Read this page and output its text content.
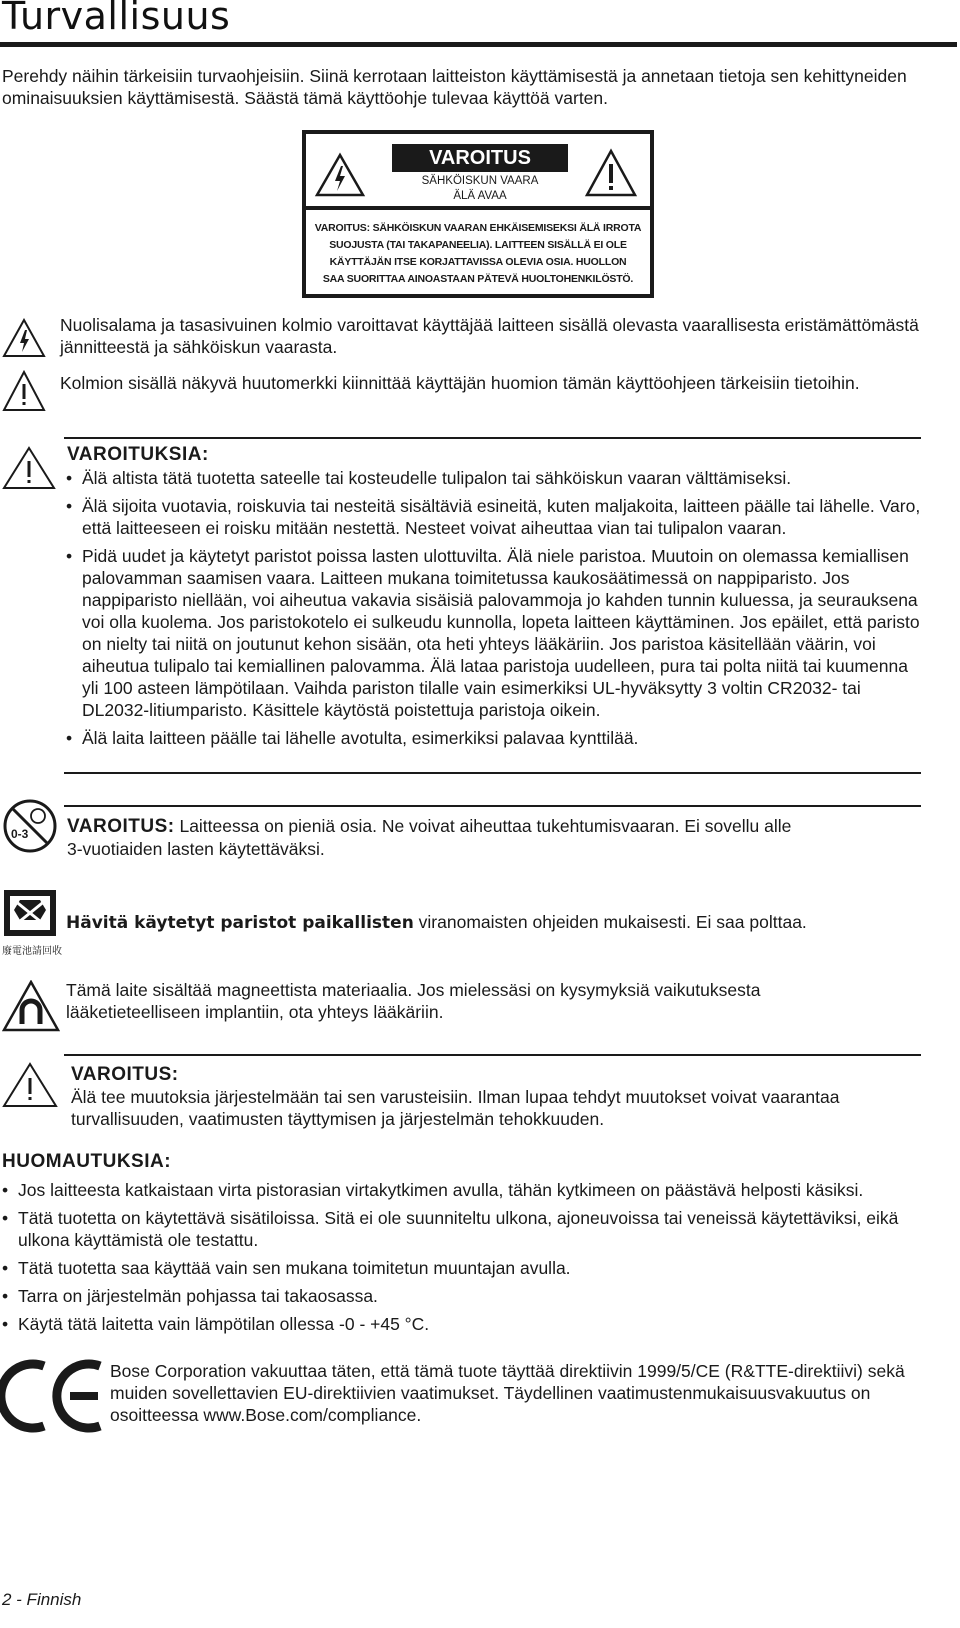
Turvallisuus
Perehdy näihin tärkeisiin turvaohjeisiin. Siinä kerrotaan laitteiston käyttämisestä ja annetaan tietoja sen kehittyneiden ominaisuuksien käyttämisestä. Säästä tämä käyttöohje tulevaa käyttöä varten.
VAROITUS
SÄHKÖISKUN VAARA
ÄLÄ AVAA
VAROITUS: SÄHKÖISKUN VAARAN EHKÄISEMISEKSI ÄLÄ IRROTA
SUOJUSTA (TAI TAKAPANEELIA). LAITTEEN SISÄLLÄ EI OLE
KÄYTTÄJÄN ITSE KORJATTAVISSA OLEVIA OSIA. HUOLLON
SAA SUORITTAA AINOASTAAN PÄTEVÄ HUOLTOHENKILÖSTÖ.
Nuolisalama ja tasasivuinen kolmio varoittavat käyttäjää laitteen sisällä olevasta vaarallisesta eristämättömästä jännitteestä ja sähköiskun vaarasta.
Kolmion sisällä näkyvä huutomerkki kiinnittää käyttäjän huomion tämän käyttöohjeen tärkeisiin tietoihin.
VAROITUKSIA:
• Älä altista tätä tuotetta sateelle tai kosteudelle tulipalon tai sähköiskun vaaran välttämiseksi.
• Älä sijoita vuotavia, roiskuvia tai nesteitä sisältäviä esineitä, kuten maljakoita, laitteen päälle tai lähelle. Varo, että laitteeseen ei roisku mitään nestettä. Nesteet voivat aiheuttaa vian tai tulipalon vaaran.
• Pidä uudet ja käytetyt paristot poissa lasten ulottuvilta. Älä niele paristoa. Muutoin on olemassa kemiallisen palovamman saamisen vaara. Laitteen mukana toimitetussa kaukosäätimessä on nappiparisto. Jos nappiparisto niellään, voi aiheutua vakavia sisäisiä palovammoja jo kahden tunnin kuluessa, ja seurauksena voi olla kuolema. Jos paristokotelo ei sulkeudu kunnolla, lopeta laitteen käyttäminen. Jos epäilet, että paristo on nielty tai niitä on joutunut kehon sisään, ota heti yhteys lääkäriin. Jos paristoa käsitellään väärin, voi aiheutua tulipalo tai kemiallinen palovamma. Älä lataa paristoja uudelleen, pura tai polta niitä tai kuumenna yli 100 asteen lämpötilaan. Vaihda pariston tilalle vain esimerkiksi UL-hyväksytty 3 voltin CR2032- tai DL2032-litiumparisto. Käsittele käytöstä poistettuja paristoja oikein.
• Älä laita laitteen päälle tai lähelle avotulta, esimerkiksi palavaa kynttilää.
0-3 VAROITUS: Laitteessa on pieniä osia. Ne voivat aiheuttaa tukehtumisvaaran. Ei sovellu alle
3-vuotiaiden lasten käytettäväksi.
廢電池請回收
Hävitä käytetyt paristot paikallisten viranomaisten ohjeiden mukaisesti. Ei saa polttaa.
Tämä laite sisältää magneettista materiaalia. Jos mielessäsi on kysymyksiä vaikutuksesta
lääketieteelliseen implantiin, ota yhteys lääkäriin.
VAROITUS:
Älä tee muutoksia järjestelmään tai sen varusteisiin. Ilman lupaa tehdyt muutokset voivat vaarantaa
turvallisuuden, vaatimusten täyttymisen ja järjestelmän tehokkuuden.
HUOMAUTUKSIA:
• Jos laitteesta katkaistaan virta pistorasian virtakytkimen avulla, tähän kytkimeen on päästävä helposti käsiksi.
• Tätä tuotetta on käytettävä sisätiloissa. Sitä ei ole suunniteltu ulkona, ajoneuvoissa tai veneissä käytettäviksi, eikä ulkona käyttämistä ole testattu.
• Tätä tuotetta saa käyttää vain sen mukana toimitetun muuntajan avulla.
• Tarra on järjestelmän pohjassa tai takaosassa.
• Käytä tätä laitetta vain lämpötilan ollessa -0 - +45 °C.
Bose Corporation vakuuttaa täten, että tämä tuote täyttää direktiivin 1999/5/CE (R&TTE-direktiivi) sekä muiden sovellettavien EU-direktiivien vaatimukset. Täydellinen vaatimustenmukaisuusvakuutus on osoitteessa www.Bose.com/compliance.
2 - Finnish
